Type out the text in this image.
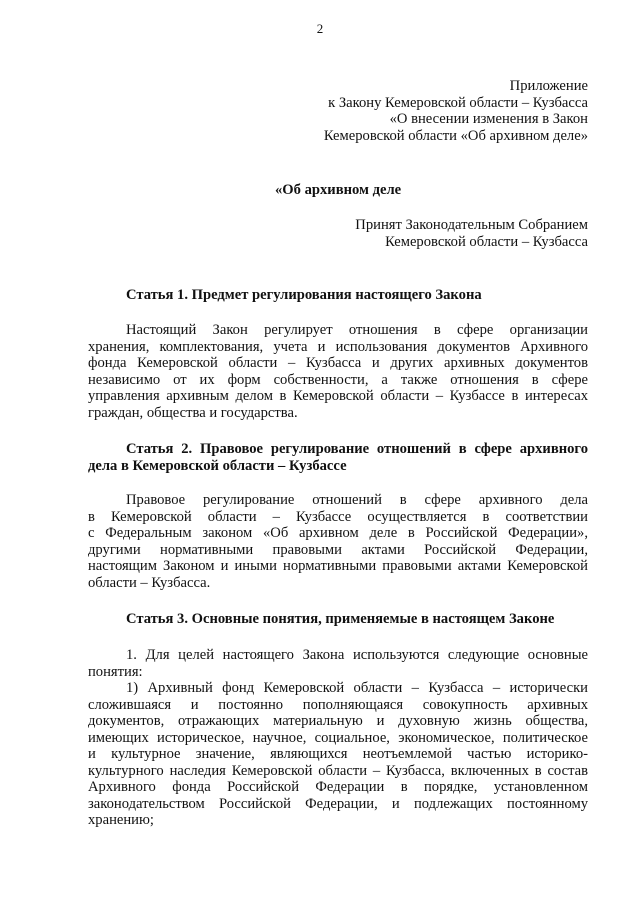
2
Приложение
к Закону Кемеровской области – Кузбасса
«О внесении изменения в Закон
Кемеровской области «Об архивном деле»
«Об архивном деле
Принят Законодательным Собранием
Кемеровской области – Кузбасса
Статья 1. Предмет регулирования настоящего Закона
Настоящий Закон регулирует отношения в сфере организации
хранения, комплектования, учета и использования документов Архивного
фонда Кемеровской области – Кузбасса и других архивных документов
независимо от их форм собственности, а также отношения в сфере
управления архивным делом в Кемеровской области – Кузбассе в интересах
граждан, общества и государства.
Статья 2. Правовое регулирование отношений в сфере архивного
дела в Кемеровской области – Кузбассе
Правовое регулирование отношений в сфере архивного дела
в Кемеровской области – Кузбассе осуществляется в соответствии
с Федеральным законом «Об архивном деле в Российской Федерации»,
другими нормативными правовыми актами Российской Федерации,
настоящим Законом и иными нормативными правовыми актами Кемеровской
области – Кузбасса.
Статья 3. Основные понятия, применяемые в настоящем Законе
1. Для целей настоящего Закона используются следующие основные
понятия:
1) Архивный фонд Кемеровской области – Кузбасса – исторически
сложившаяся и постоянно пополняющаяся совокупность архивных
документов, отражающих материальную и духовную жизнь общества,
имеющих историческое, научное, социальное, экономическое, политическое
и культурное значение, являющихся неотъемлемой частью историко-
культурного наследия Кемеровской области – Кузбасса, включенных в состав
Архивного фонда Российской Федерации в порядке, установленном
законодательством Российской Федерации, и подлежащих постоянному
хранению;
